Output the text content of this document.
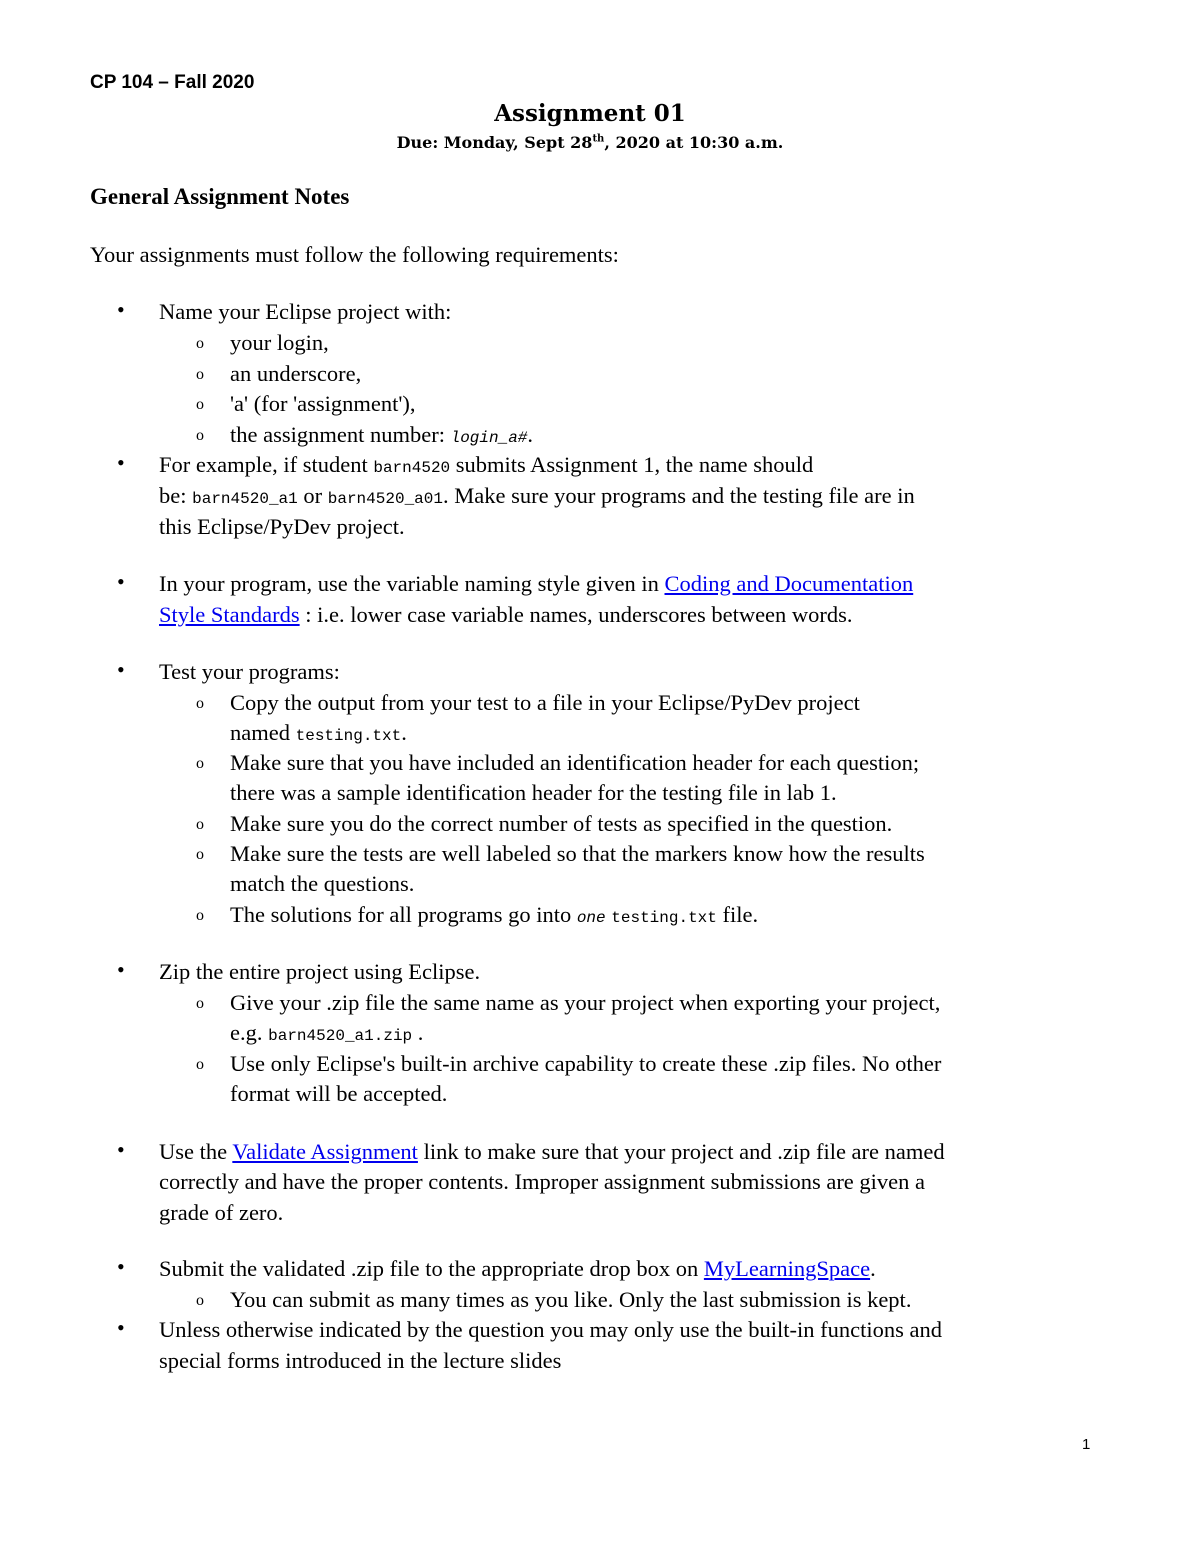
CP 104 – Fall 2020
Assignment 01
Due: Monday, Sept 28th, 2020 at 10:30 a.m.
General Assignment Notes
Your assignments must follow the following requirements:
• Name your Eclipse project with:
o your login,
o an underscore,
o 'a' (for 'assignment'),
o the assignment number: login_a#.
• For example, if student barn4520 submits Assignment 1, the name should
be: barn4520_a1 or barn4520_a01. Make sure your programs and the testing file are in
this Eclipse/PyDev project.
• In your program, use the variable naming style given in Coding and Documentation
Style Standards : i.e. lower case variable names, underscores between words.
• Test your programs:
o Copy the output from your test to a file in your Eclipse/PyDev project
named testing.txt.
o Make sure that you have included an identification header for each question;
there was a sample identification header for the testing file in lab 1.
o Make sure you do the correct number of tests as specified in the question.
o Make sure the tests are well labeled so that the markers know how the results
match the questions.
o The solutions for all programs go into one testing.txt file.
• Zip the entire project using Eclipse.
o Give your .zip file the same name as your project when exporting your project,
e.g. barn4520_a1.zip .
o Use only Eclipse's built-in archive capability to create these .zip files. No other
format will be accepted.
• Use the Validate Assignment link to make sure that your project and .zip file are named
correctly and have the proper contents. Improper assignment submissions are given a
grade of zero.
• Submit the validated .zip file to the appropriate drop box on MyLearningSpace.
o You can submit as many times as you like. Only the last submission is kept.
• Unless otherwise indicated by the question you may only use the built-in functions and
special forms introduced in the lecture slides
1
